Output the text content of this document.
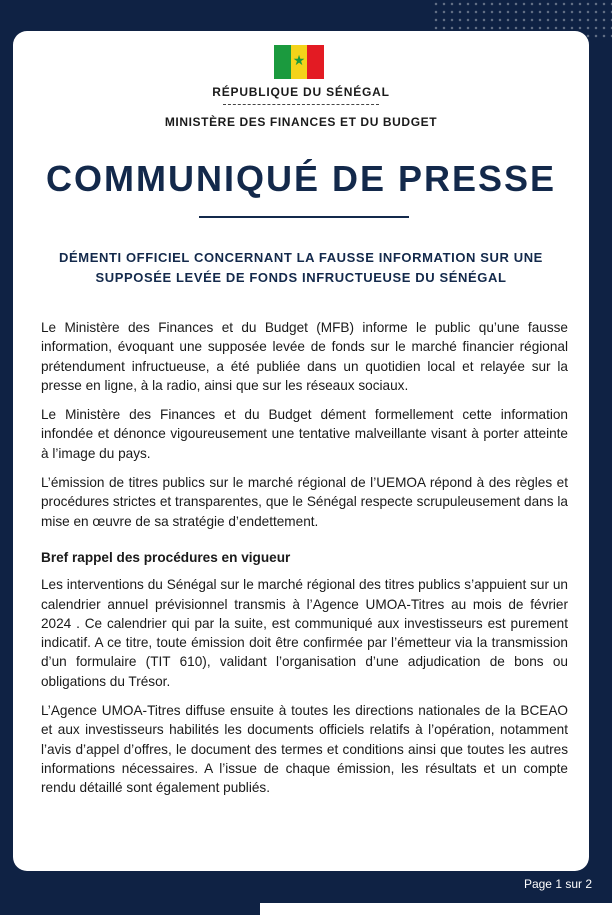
★
RÉPUBLIQUE DU SÉNÉGAL
MINISTÈRE DES FINANCES ET DU BUDGET
COMMUNIQUÉ DE PRESSE
DÉMENTI OFFICIEL CONCERNANT LA FAUSSE INFORMATION SUR UNE SUPPOSÉE LEVÉE DE FONDS INFRUCTUEUSE DU SÉNÉGAL

Le Ministère des Finances et du Budget (MFB) informe le public qu’une fausse information, évoquant une supposée levée de fonds sur le marché financier régional prétendument infructueuse, a été publiée dans un quotidien local et relayée sur la presse en ligne, à la radio, ainsi que sur les réseaux sociaux.

Le Ministère des Finances et du Budget dément formellement cette information infondée et dénonce vigoureusement une tentative malveillante visant à porter atteinte à l’image du pays.

L’émission de titres publics sur le marché régional de l’UEMOA répond à des règles et procédures strictes et transparentes, que le Sénégal respecte scrupuleusement dans la mise en œuvre de sa stratégie d’endettement.

Bref rappel des procédures en vigueur

Les interventions du Sénégal sur le marché régional des titres publics s’appuient sur un calendrier annuel prévisionnel transmis à l’Agence UMOA-Titres au mois de février 2024 . Ce calendrier qui par la suite, est communiqué aux investisseurs est purement indicatif. A ce titre, toute émission doit être confirmée par l’émetteur via la transmission d’un formulaire (TIT 610), validant l’organisation d’une adjudication de bons ou obligations du Trésor.

L’Agence UMOA-Titres diffuse ensuite à toutes les directions nationales de la BCEAO et aux investisseurs habilités les documents officiels relatifs à l’opération, notamment l’avis d’appel d’offres, le document des termes et conditions ainsi que toutes les autres informations nécessaires. A l’issue de chaque émission, les résultats et un compte rendu détaillé sont également publiés.

Page 1 sur 2
